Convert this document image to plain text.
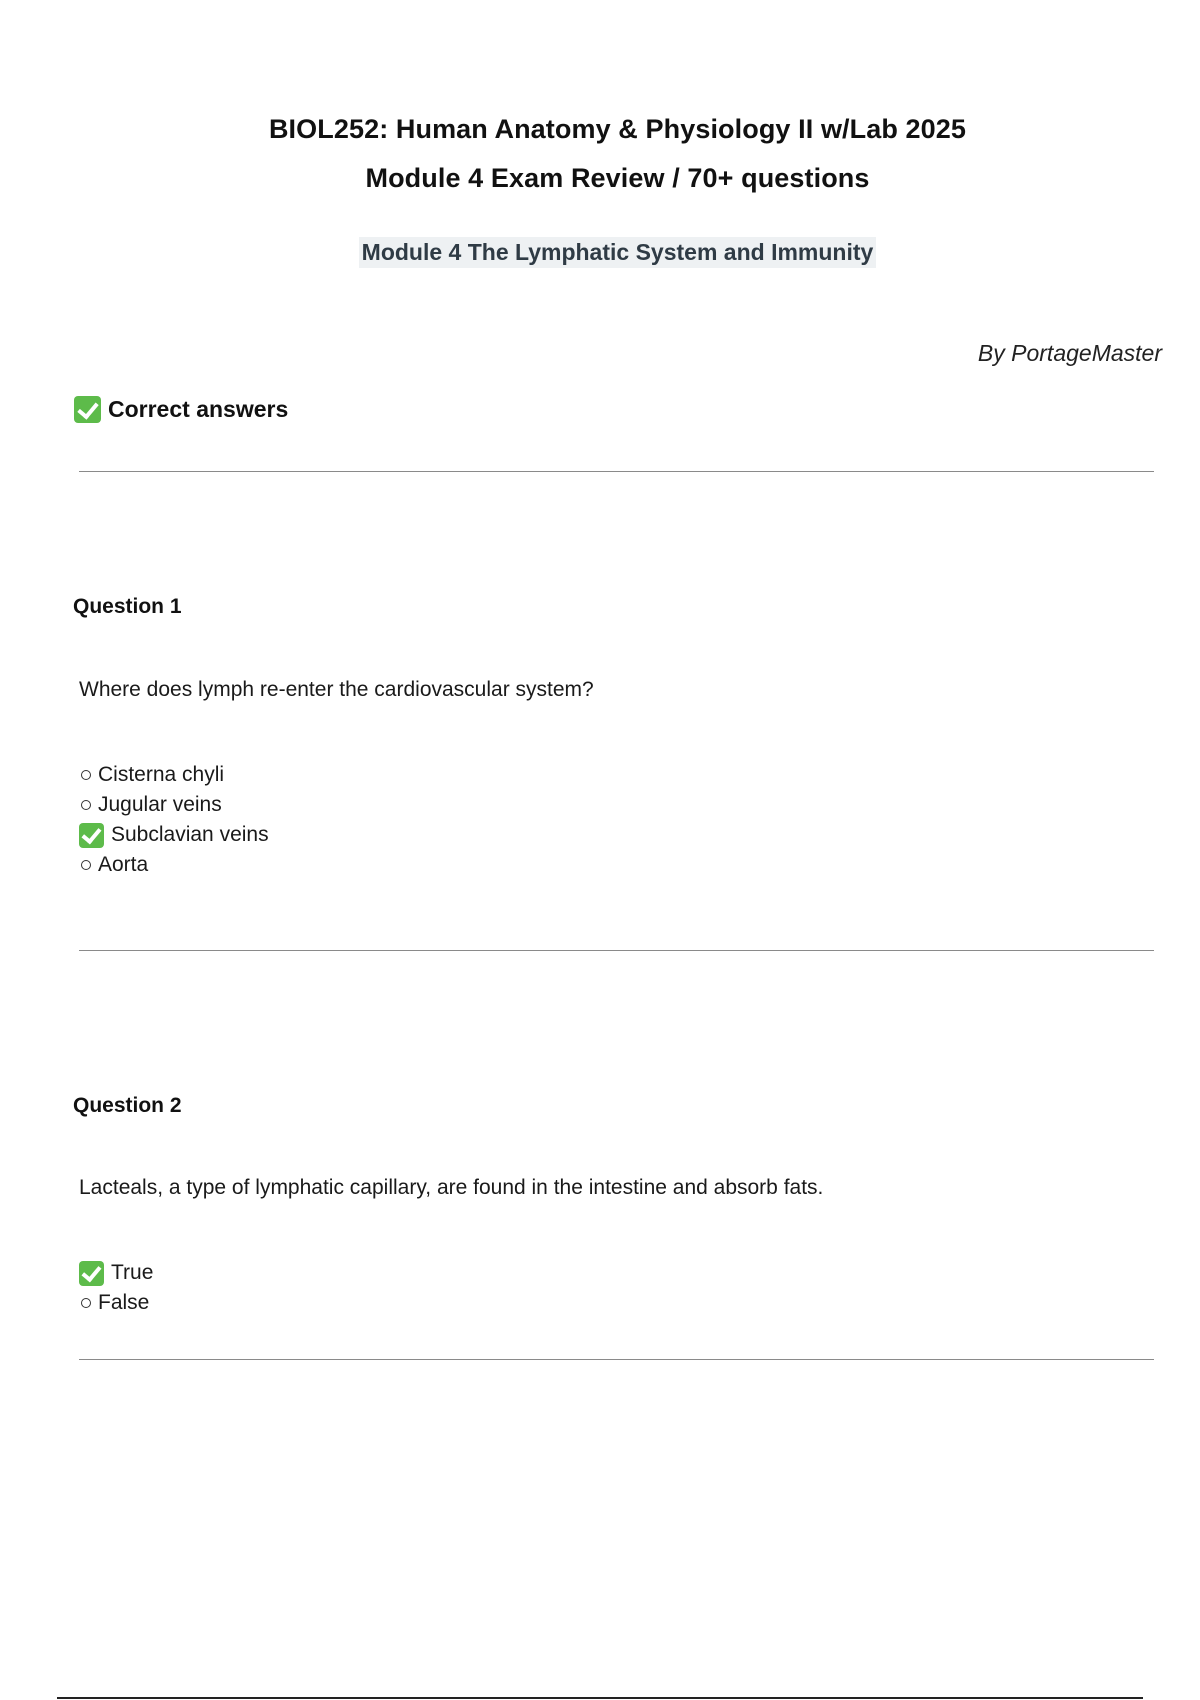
BIOL252: Human Anatomy & Physiology II w/Lab 2025
Module 4 Exam Review / 70+ questions
Module 4 The Lymphatic System and Immunity
By PortageMaster
Correct answers
Question 1
Where does lymph re-enter the cardiovascular system?
Cisterna chyli
Jugular veins
Subclavian veins
Aorta
Question 2
Lacteals, a type of lymphatic capillary, are found in the intestine and absorb fats.
True
False
